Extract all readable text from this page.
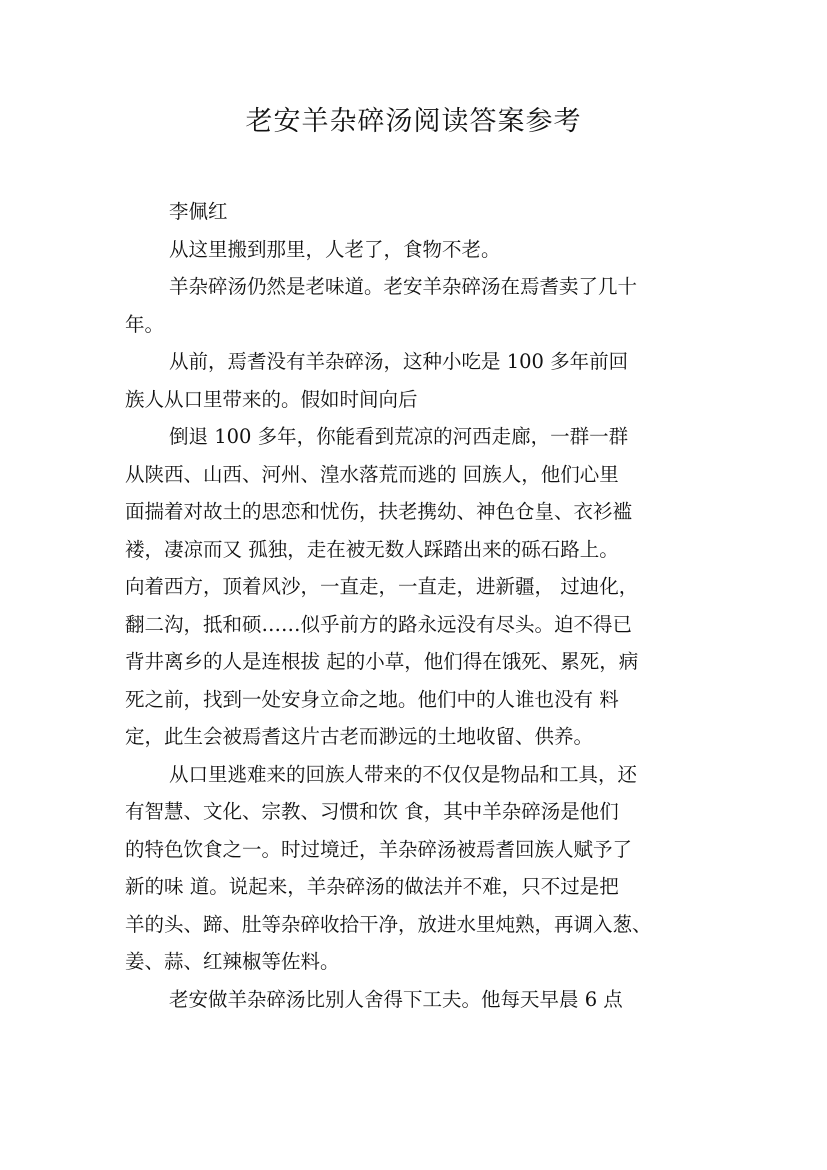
老安羊杂碎汤阅读答案参考

李佩红

从这里搬到那里，人老了，食物不老。

羊杂碎汤仍然是老味道。老安羊杂碎汤在焉耆卖了几十

年。

从前，焉耆没有羊杂碎汤，这种小吃是 100 多年前回

族人从口里带来的。假如时间向后

倒退 100 多年，你能看到荒凉的河西走廊，一群一群

从陕西、山西、河州、湟水落荒而逃的 回族人，他们心里

面揣着对故土的思恋和忧伤，扶老携幼、神色仓皇、衣衫褴

褛，凄凉而又 孤独，走在被无数人踩踏出来的砾石路上。

向着西方，顶着风沙，一直走，一直走，进新疆， 过迪化，

翻二沟，抵和硕……似乎前方的路永远没有尽头。迫不得已

背井离乡的人是连根拔 起的小草，他们得在饿死、累死，病

死之前，找到一处安身立命之地。他们中的人谁也没有 料

定，此生会被焉耆这片古老而渺远的土地收留、供养。

从口里逃难来的回族人带来的不仅仅是物品和工具，还

有智慧、文化、宗教、习惯和饮 食，其中羊杂碎汤是他们

的特色饮食之一。时过境迁，羊杂碎汤被焉耆回族人赋予了

新的味 道。说起来，羊杂碎汤的做法并不难，只不过是把

羊的头、蹄、肚等杂碎收拾干净，放进水里炖熟，再调入葱、

姜、蒜、红辣椒等佐料。

老安做羊杂碎汤比别人舍得下工夫。他每天早晨 6 点
